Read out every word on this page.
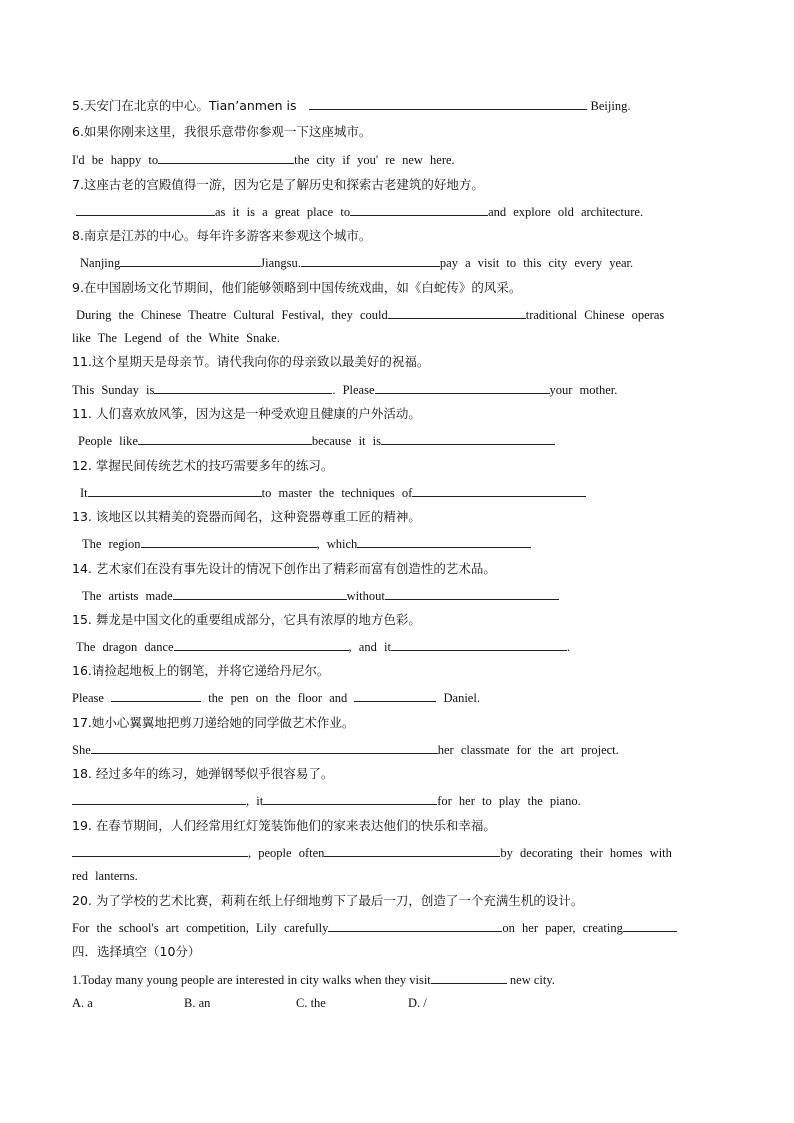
5.天安门在北京的中心。Tian’anmen is	Beijing.
6.如果你刚来这里，我很乐意带你参观一下这座城市。
I'd be happy to	the city if you' re new here.
7.这座古老的宫殿值得一游，因为它是了解历史和探索古老建筑的好地方。
as it is a great place to	and explore old architecture.
8.南京是江苏的中心。每年许多游客来参观这个城市。
Nanjing	Jiangsu.	pay a visit to this city every year.
9.在中国剧场文化节期间，他们能够领略到中国传统戏曲，如《白蛇传》的风采。
During the Chinese Theatre Cultural Festival, they could	traditional Chinese operas
like The Legend of the White Snake.
11.这个星期天是母亲节。请代我向你的母亲致以最美好的祝福。
This Sunday is	. Please	your mother.
11. 人们喜欢放风筝，因为这是一种受欢迎且健康的户外活动。
People like	because it is
12. 掌握民间传统艺术的技巧需要多年的练习。
It	to master the techniques of
13. 该地区以其精美的瓷器而闻名，这种瓷器尊重工匠的精神。
The region	, which
14. 艺术家们在没有事先设计的情况下创作出了精彩而富有创造性的艺术品。
The artists made	without
15. 舞龙是中国文化的重要组成部分，它具有浓厚的地方色彩。
The dragon dance	, and it	.
16.请捡起地板上的钢笔，并将它递给丹尼尔。
Please	the pen on the floor and	Daniel.
17.她小心翼翼地把剪刀递给她的同学做艺术作业。
She	her classmate for the art project.
18. 经过多年的练习，她弹钢琴似乎很容易了。
, it	for her to play the piano.
19. 在春节期间，人们经常用红灯笼装饰他们的家来表达他们的快乐和幸福。
, people often	by decorating their homes with
red lanterns.
20. 为了学校的艺术比赛，莉莉在纸上仔细地剪下了最后一刀，创造了一个充满生机的设计。
For the school's art competition, Lily carefully	on her paper, creating
四．选择填空（10分）
1.Today many young people are interested in city walks when they visit	new city.
A. a	B. an	C. the	D. /
